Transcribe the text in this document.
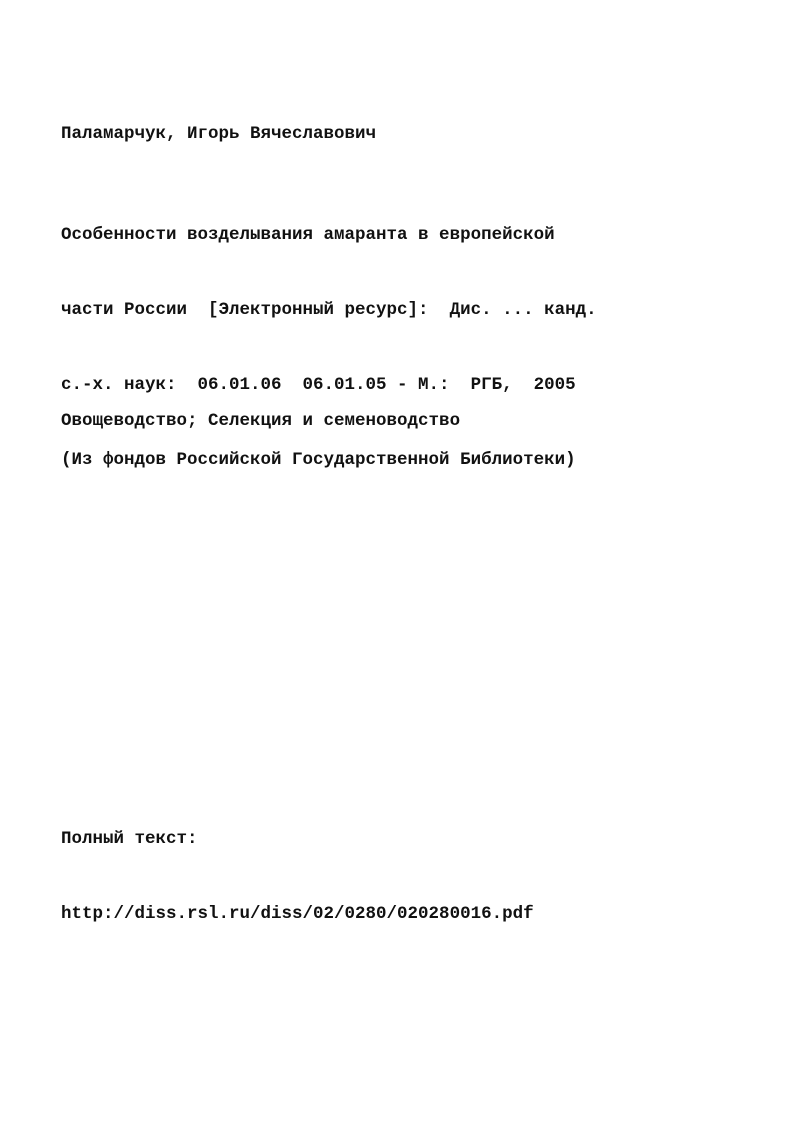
Паламарчук, Игорь Вячеславович

Особенности возделывания амаранта в европейской

части России  [Электронный ресурс]:  Дис. ... канд.

с.-х. наук:  06.01.06  06.01.05 - М.:  РГБ,  2005

(Из фондов Российской Государственной Библиотеки)

Овощеводство; Селекция и семеноводство

Полный текст:

http://diss.rsl.ru/diss/02/0280/020280016.pdf
